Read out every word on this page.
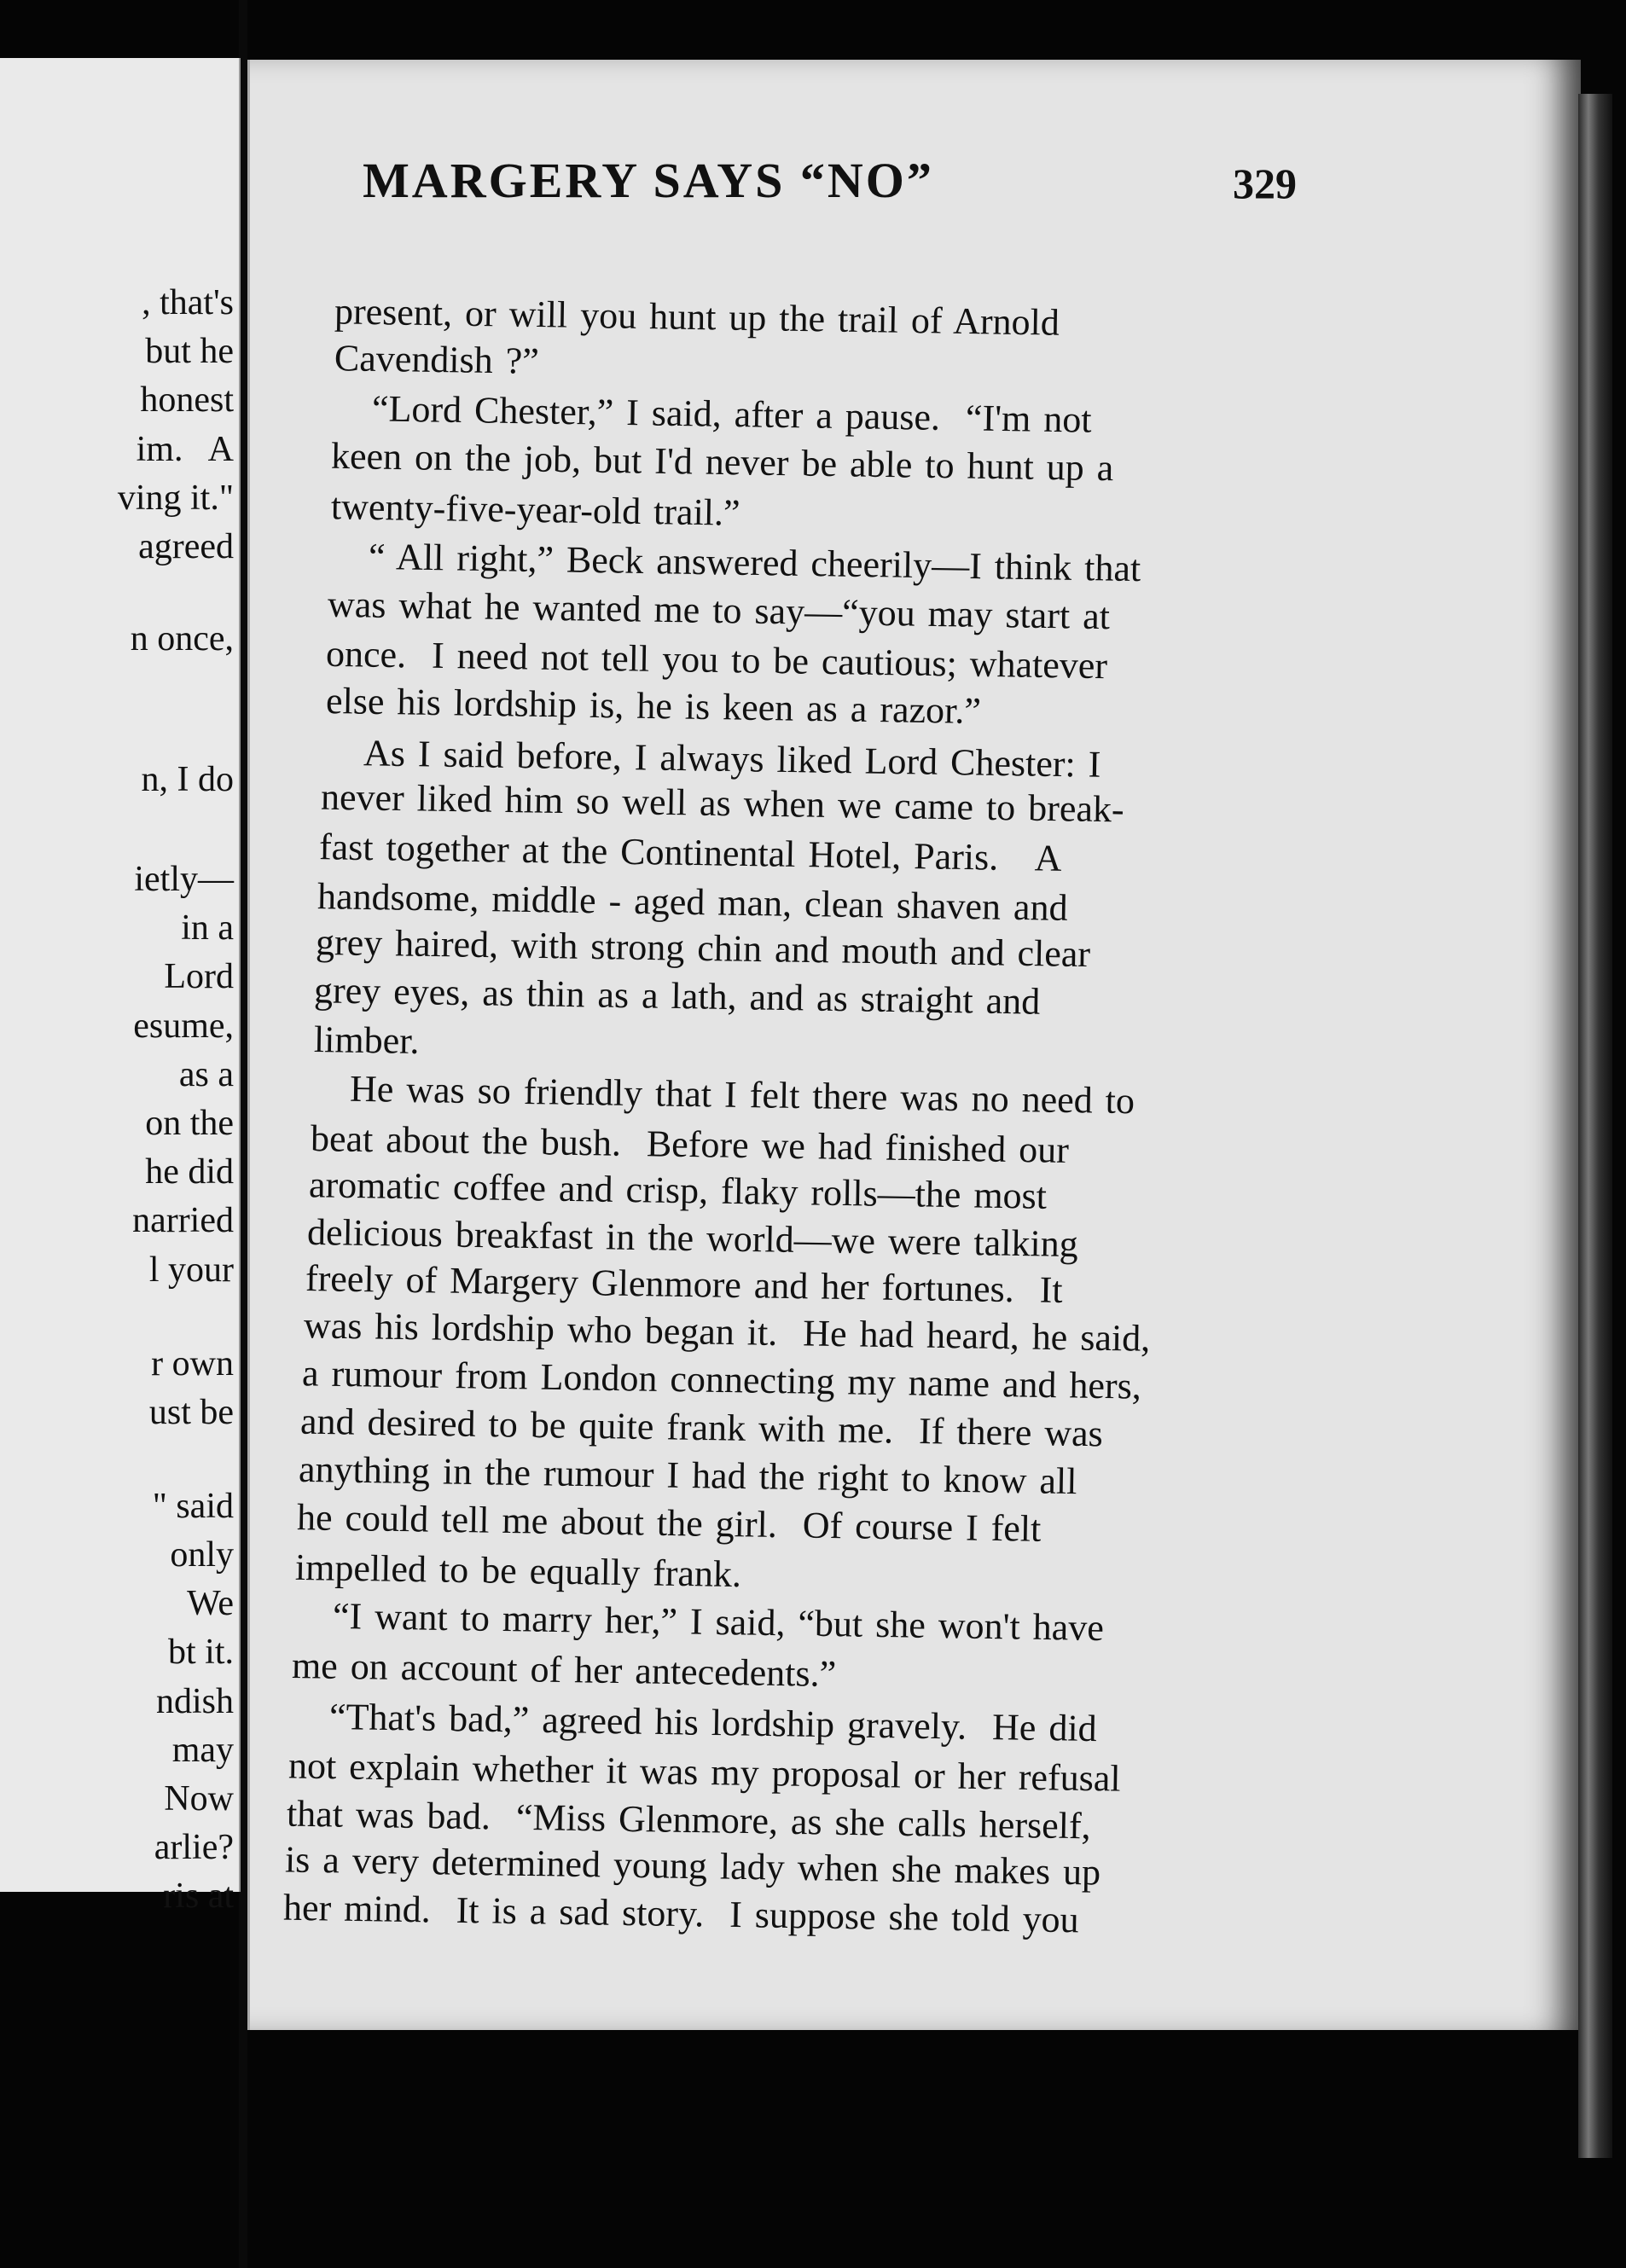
, that's
but he
honest
im.   A
ving it."
agreed
n once,
n, I do
ietly—
in a
Lord
esume,
as a
on the
he did
narried
l your
r own
ust be
" said
only
We
bt it.
ndish
may
Now
arlie?
ris at
MARGERY SAYS “NO”	329
present, or will you hunt up the trail of Arnold
Cavendish ?”
“Lord Chester,” I said, after a pause.  “I'm not
keen on the job, but I'd never be able to hunt up a
twenty-five-year-old trail.”
“ All right,” Beck answered cheerily—I think that
was what he wanted me to say—“you may start at
once.  I need not tell you to be cautious; whatever
else his lordship is, he is keen as a razor.”
As I said before, I always liked Lord Chester: I
never liked him so well as when we came to break-
fast together at the Continental Hotel, Paris.   A
handsome, middle - aged man, clean shaven and
grey haired, with strong chin and mouth and clear
grey eyes, as thin as a lath, and as straight and
limber.
He was so friendly that I felt there was no need to
beat about the bush.  Before we had finished our
aromatic coffee and crisp, flaky rolls—the most
delicious breakfast in the world—we were talking
freely of Margery Glenmore and her fortunes.  It
was his lordship who began it.  He had heard, he said,
a rumour from London connecting my name and hers,
and desired to be quite frank with me.  If there was
anything in the rumour I had the right to know all
he could tell me about the girl.  Of course I felt
impelled to be equally frank.
“I want to marry her,” I said, “but she won't have
me on account of her antecedents.”
“That's bad,” agreed his lordship gravely.  He did
not explain whether it was my proposal or her refusal
that was bad.  “Miss Glenmore, as she calls herself,
is a very determined young lady when she makes up
her mind.  It is a sad story.  I suppose she told you
